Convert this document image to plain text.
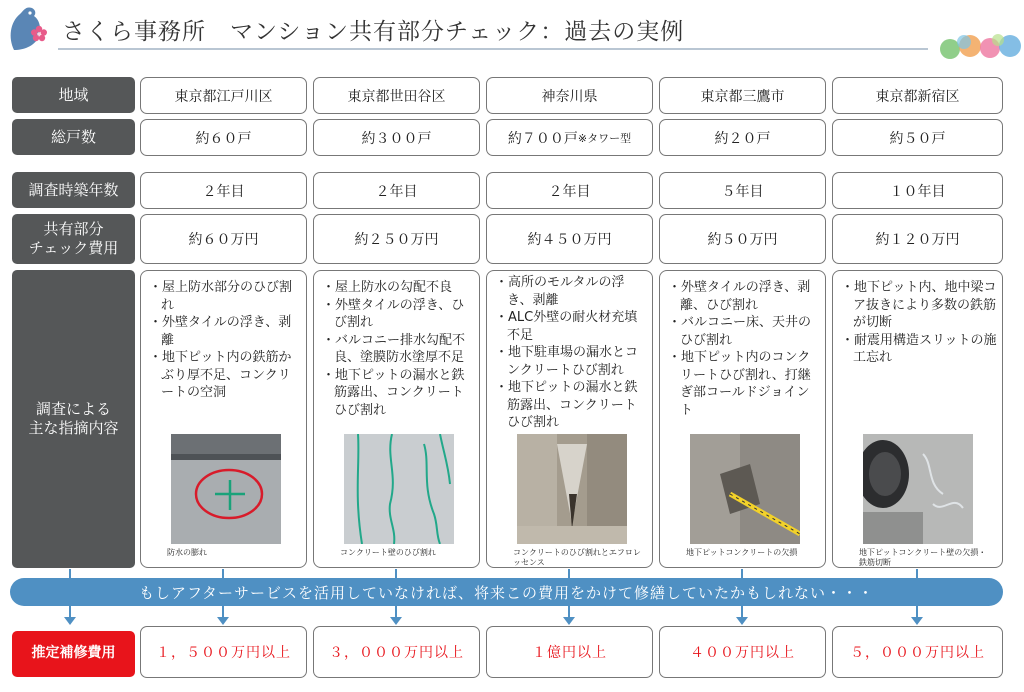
さくら事務所　マンション共有部分チェック：過去の実例
地域
総戸数
調査時築年数
共有部分
チェック費用
調査による
主な指摘内容
推定補修費用
東京都江戸川区
約６０戸
２年目
約６０万円
・ 屋上防水部分のひび割れ
・ 外壁タイルの浮き、剥離
・ 地下ピット内の鉄筋かぶり厚不足、コンクリートの空洞
防水の膨れ
１，５００万円以上
東京都世田谷区
約３００戸
２年目
約２５０万円
・ 屋上防水の勾配不良
・ 外壁タイルの浮き、ひび割れ
・ バルコニー排水勾配不良、塗膜防水塗厚不足
・ 地下ピットの漏水と鉄筋露出、コンクリートひび割れ
コンクリート壁のひび割れ
３，０００万円以上
神奈川県
約７００戸 ※タワー型
２年目
約４５０万円
・ 高所のモルタルの浮き、剥離
・ ALC外壁の耐火材充填不足
・ 地下駐車場の漏水とコンクリートひび割れ
・ 地下ピットの漏水と鉄筋露出、コンクリートひび割れ
コンクリートのひび割れとエフロレッセンス
１億円以上
東京都三鷹市
約２０戸
５年目
約５０万円
・ 外壁タイルの浮き、剥離、ひび割れ
・ バルコニー床、天井のひび割れ
・ 地下ピット内のコンクリートひび割れ、打継ぎ部コールドジョイント
地下ピットコンクリートの欠損
４００万円以上
東京都新宿区
約５０戸
１０年目
約１２０万円
・ 地下ピット内、地中梁コア抜きにより多数の鉄筋が切断
・ 耐震用構造スリットの施工忘れ
地下ピットコンクリート壁の欠損・鉄筋切断
５，０００万円以上
もしアフターサービスを活用していなければ、将来この費用をかけて修繕していたかもしれない・・・
